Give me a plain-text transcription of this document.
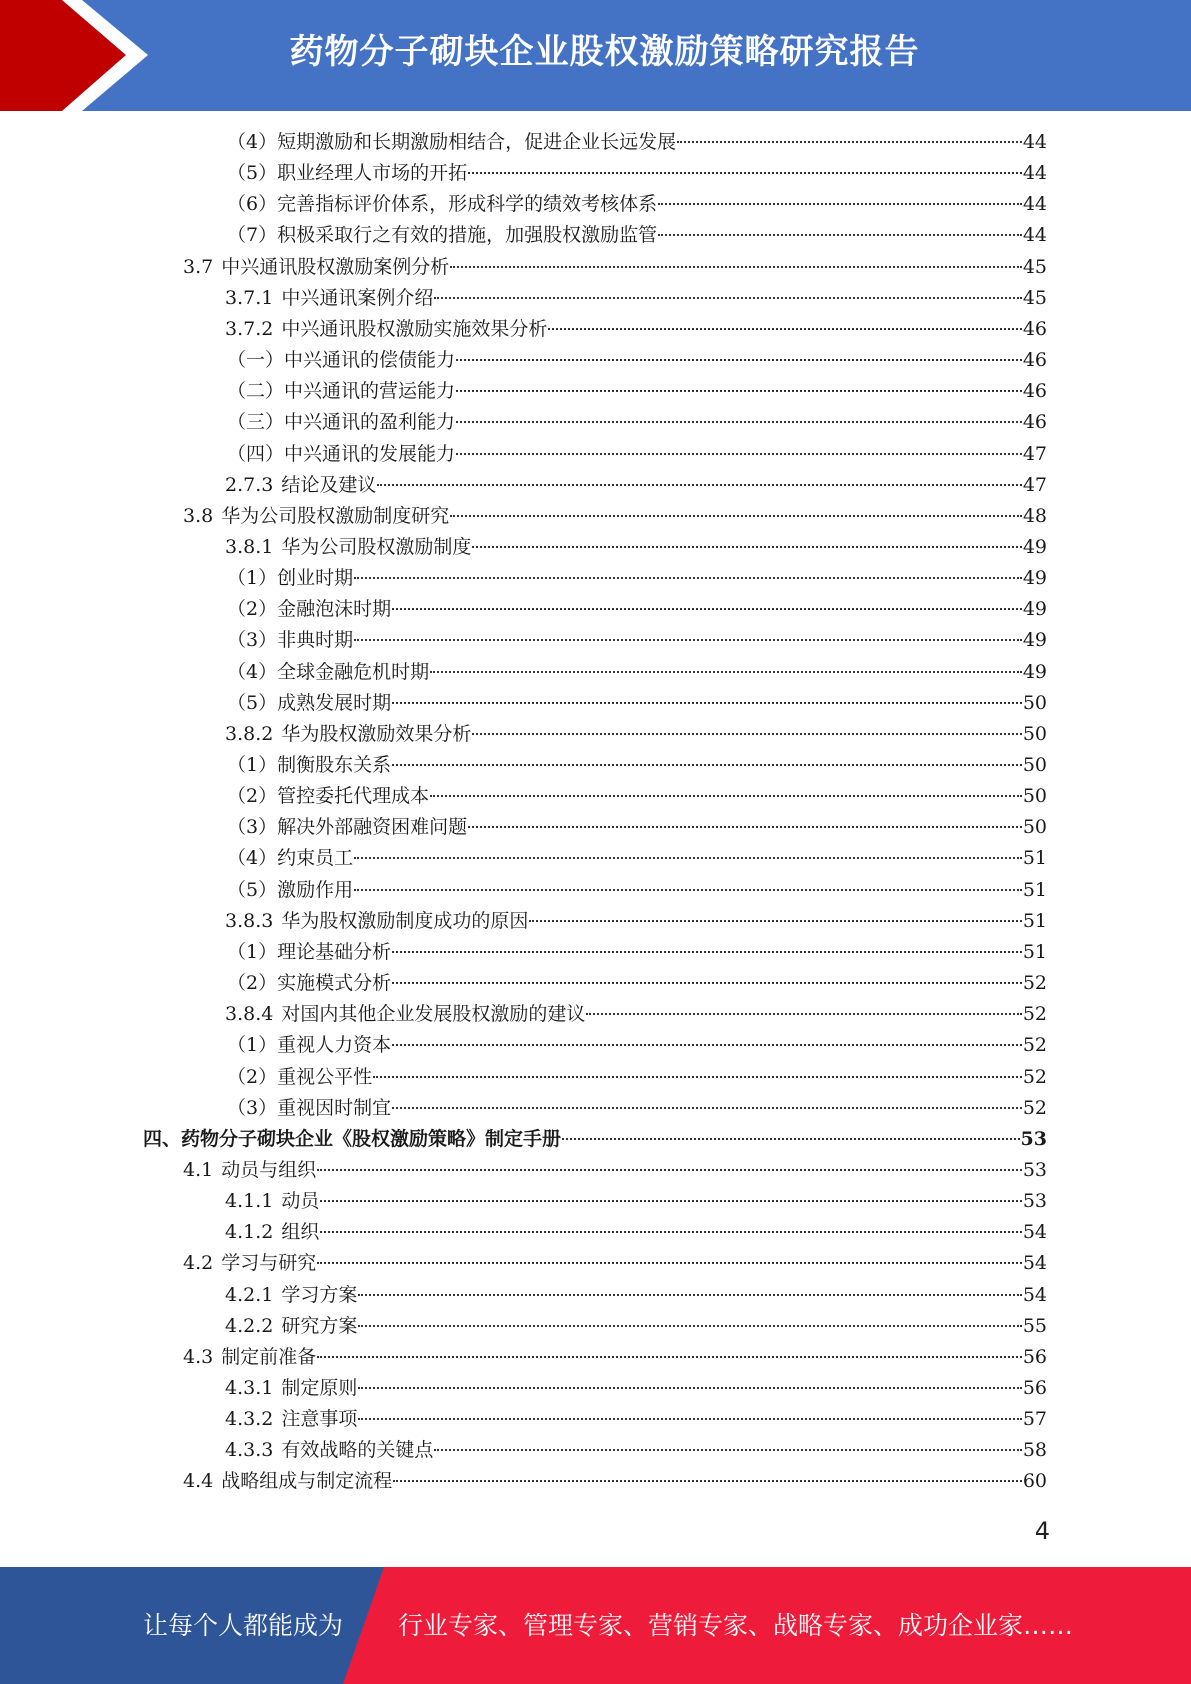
药物分子砌块企业股权激励策略研究报告
（4）短期激励和长期激励相结合，促进企业长远发展	44
（5）职业经理人市场的开拓	44
（6）完善指标评价体系，形成科学的绩效考核体系	44
（7）积极采取行之有效的措施，加强股权激励监管	44
3.7 中兴通讯股权激励案例分析	45
3.7.1 中兴通讯案例介绍	45
3.7.2 中兴通讯股权激励实施效果分析	46
（一）中兴通讯的偿债能力	46
（二）中兴通讯的营运能力	46
（三）中兴通讯的盈利能力	46
（四）中兴通讯的发展能力	47
2.7.3 结论及建议	47
3.8 华为公司股权激励制度研究	48
3.8.1 华为公司股权激励制度	49
（1）创业时期	49
（2）金融泡沫时期	49
（3）非典时期	49
（4）全球金融危机时期	49
（5）成熟发展时期	50
3.8.2 华为股权激励效果分析	50
（1）制衡股东关系	50
（2）管控委托代理成本	50
（3）解决外部融资困难问题	50
（4）约束员工	51
（5）激励作用	51
3.8.3 华为股权激励制度成功的原因	51
（1）理论基础分析	51
（2）实施模式分析	52
3.8.4 对国内其他企业发展股权激励的建议	52
（1）重视人力资本	52
（2）重视公平性	52
（3）重视因时制宜	52
四、药物分子砌块企业《股权激励策略》制定手册	53
4.1 动员与组织	53
4.1.1 动员	53
4.1.2 组织	54
4.2 学习与研究	54
4.2.1 学习方案	54
4.2.2 研究方案	55
4.3 制定前准备	56
4.3.1 制定原则	56
4.3.2 注意事项	57
4.3.3 有效战略的关键点	58
4.4 战略组成与制定流程	60
4
让每个人都能成为 行业专家、管理专家、营销专家、战略专家、成功企业家……
